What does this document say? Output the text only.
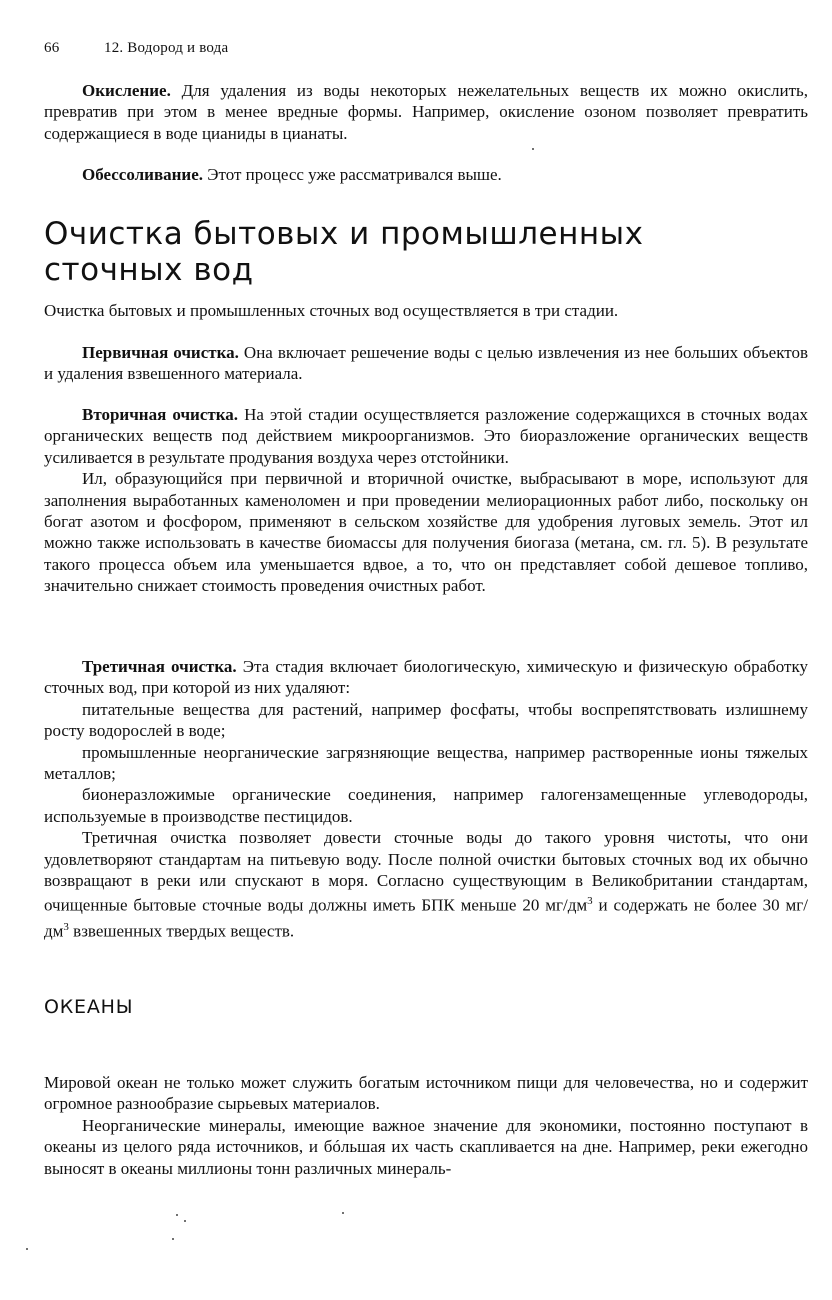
66	12. Водород и вода

Окисление. Для удаления из воды некоторых нежелательных веществ их можно окислить, превратив при этом в менее вредные формы. Например, окисление озоном позволяет превратить содержащиеся в воде цианиды в цианаты.

Обессоливание. Этот процесс уже рассматривался выше.

Очистка бытовых и промышленных сточных вод

Очистка бытовых и промышленных сточных вод осуществляется в три стадии.

Первичная очистка. Она включает решечение воды с целью извлечения из нее больших объектов и удаления взвешенного материала.

Вторичная очистка. На этой стадии осуществляется разложение содержащихся в сточных водах органических веществ под действием микроорганизмов. Это биоразложение органических веществ усиливается в результате продувания воздуха через отстойники.

Ил, образующийся при первичной и вторичной очистке, выбрасывают в море, используют для заполнения выработанных каменоломен и при проведении мелиорационных работ либо, поскольку он богат азотом и фосфором, применяют в сельском хозяйстве для удобрения луговых земель. Этот ил можно также использовать в качестве биомассы для получения биогаза (метана, см. гл. 5). В результате такого процесса объем ила уменьшается вдвое, а то, что он представляет собой дешевое топливо, значительно снижает стоимость проведения очистных работ.

Третичная очистка. Эта стадия включает биологическую, химическую и физическую обработку сточных вод, при которой из них удаляют:

питательные вещества для растений, например фосфаты, чтобы воспрепятствовать излишнему росту водорослей в воде;

промышленные неорганические загрязняющие вещества, например растворенные ионы тяжелых металлов;

бионеразложимые органические соединения, например галогензамещенные углеводороды, используемые в производстве пестицидов.

Третичная очистка позволяет довести сточные воды до такого уровня чистоты, что они удовлетворяют стандартам на питьевую воду. После полной очистки бытовых сточных вод их обычно возвращают в реки или спускают в моря. Согласно существующим в Великобритании стандартам, очищенные бытовые сточные воды должны иметь БПК меньше 20 $мг/дм^3$ и содержать не более 30 $мг/дм^3$ взвешенных твердых веществ.

ОКЕАНЫ

Мировой океан не только может служить богатым источником пищи для человечества, но и содержит огромное разнообразие сырьевых материалов.

Неорганические минералы, имеющие важное значение для экономики, постоянно поступают в океаны из целого ряда источников, и бóльшая их часть скапливается на дне. Например, реки ежегодно выносят в океаны миллионы тонн различных минераль-
